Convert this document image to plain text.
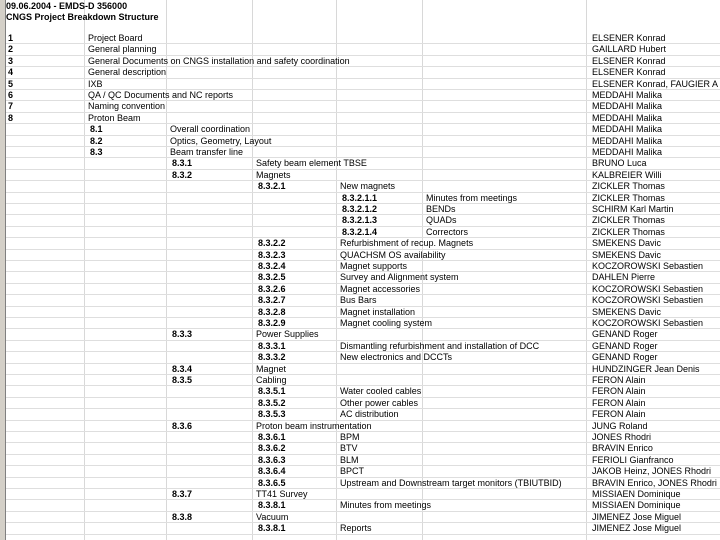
09.06.2004 - EMDS-D 356000
CNGS Project Breakdown Structure
1	Project Board	ELSENER Konrad
2	General planning	GAILLARD Hubert
3	General Documents on CNGS installation and safety coordination	ELSENER Konrad
4	General description	ELSENER Konrad
5	IXB	ELSENER Konrad, FAUGIER A
6	QA / QC Documents and NC reports	MEDDAHI Malika
7	Naming convention	MEDDAHI Malika
8	Proton Beam	MEDDAHI Malika
8.1	Overall coordination	MEDDAHI Malika
8.2	Optics, Geometry, Layout	MEDDAHI Malika
8.3	Beam transfer line	MEDDAHI Malika
8.3.1	Safety beam element TBSE	BRUNO Luca
8.3.2	Magnets	KALBREIER Willi
8.3.2.1	New magnets	ZICKLER Thomas
8.3.2.1.1	Minutes from meetings	ZICKLER Thomas
8.3.2.1.2	BENDs	SCHIRM Karl Martin
8.3.2.1.3	QUADs	ZICKLER Thomas
8.3.2.1.4	Correctors	ZICKLER Thomas
8.3.2.2	Refurbishment of recup. Magnets	SMEKENS Davic
8.3.2.3	QUACHSM OS availability	SMEKENS Davic
8.3.2.4	Magnet supports	KOCZOROWSKI Sebastien
8.3.2.5	Survey and Alignment system	DAHLEN Pierre
8.3.2.6	Magnet accessories	KOCZOROWSKI Sebastien
8.3.2.7	Bus Bars	KOCZOROWSKI Sebastien
8.3.2.8	Magnet installation	SMEKENS Davic
8.3.2.9	Magnet cooling system	KOCZOROWSKI Sebastien
8.3.3	Power Supplies	GENAND Roger
8.3.3.1	Dismantling refurbishment and installation of DCC	GENAND Roger
8.3.3.2	New electronics and DCCTs	GENAND Roger
8.3.4	Magnet	HUNDZINGER Jean Denis
8.3.5	Cabling	FERON Alain
8.3.5.1	Water cooled cables	FERON Alain
8.3.5.2	Other power cables	FERON Alain
8.3.5.3	AC distribution	FERON Alain
8.3.6	Proton beam instrumentation	JUNG Roland
8.3.6.1	BPM	JONES Rhodri
8.3.6.2	BTV	BRAVIN Enrico
8.3.6.3	BLM	FERIOLI Gianfranco
8.3.6.4	BPCT	JAKOB Heinz, JONES Rhodri
8.3.6.5	Upstream and Downstream target monitors (TBIUTBID)	BRAVIN Enrico, JONES Rhodri
8.3.7	TT41 Survey	MISSIAEN Dominique
8.3.8.1	Minutes from meetings	MISSIAEN Dominique
8.3.8	Vacuum	JIMENEZ Jose Miguel
8.3.8.1	Reports	JIMENEZ Jose Miguel
